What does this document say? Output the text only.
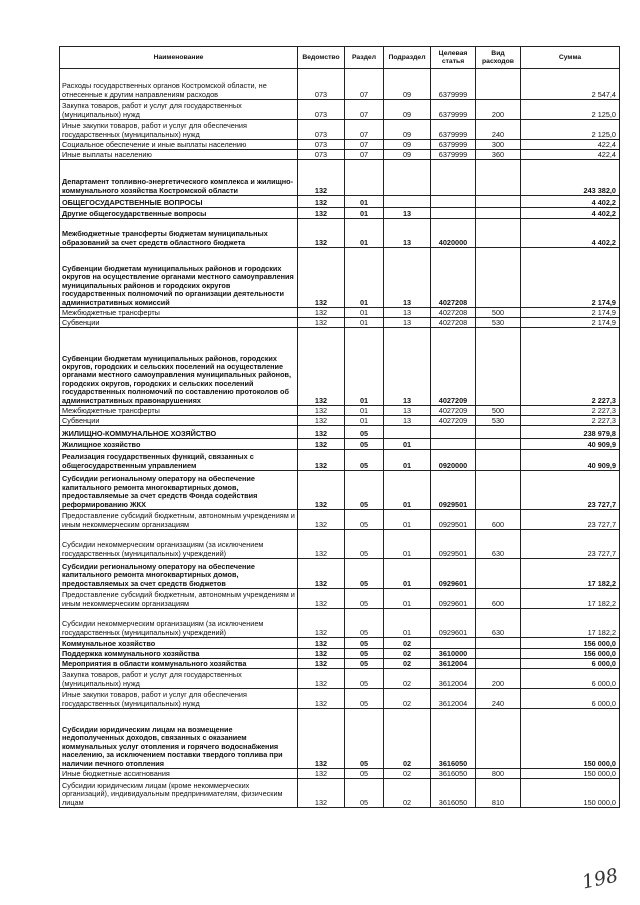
Наименование	Ведомство	Раздел	Подраздел	Целевая статья	Вид расходов	Сумма
Расходы государственных органов Костромской области, не отнесенные к другим направлениям расходов	073	07	09	6379999		2 547,4
Закупка товаров, работ и услуг для государственных (муниципальных) нужд	073	07	09	6379999	200	2 125,0
Иные закупки товаров, работ и услуг для обеспечения государственных (муниципальных) нужд	073	07	09	6379999	240	2 125,0
Социальное обеспечение и иные выплаты населению	073	07	09	6379999	300	422,4
Иные выплаты населению	073	07	09	6379999	360	422,4
Департамент топливно-энергетического комплекса и жилищно-коммунального хозяйства Костромской области	132					243 382,0
ОБЩЕГОСУДАРСТВЕННЫЕ ВОПРОСЫ	132	01				4 402,2
Другие общегосударственные вопросы	132	01	13			4 402,2
Межбюджетные трансферты бюджетам муниципальных образований за счет средств областного бюджета	132	01	13	4020000		4 402,2
Субвенции бюджетам муниципальных районов и городских округов на осуществление органами местного самоуправления муниципальных районов и городских округов государственных полномочий по организации деятельности административных комиссий	132	01	13	4027208		2 174,9
Межбюджетные трансферты	132	01	13	4027208	500	2 174,9
Субвенции	132	01	13	4027208	530	2 174,9
Субвенции бюджетам муниципальных районов, городских округов, городских и сельских поселений на осуществление органами местного самоуправления муниципальных районов, городских округов, городских и сельских поселений государственных полномочий по составлению протоколов об административных правонарушениях	132	01	13	4027209		2 227,3
Межбюджетные трансферты	132	01	13	4027209	500	2 227,3
Субвенции	132	01	13	4027209	530	2 227,3
ЖИЛИЩНО-КОММУНАЛЬНОЕ ХОЗЯЙСТВО	132	05				238 979,8
Жилищное хозяйство	132	05	01			40 909,9
Реализация государственных функций, связанных с общегосударственным управлением	132	05	01	0920000		40 909,9
Субсидии региональному оператору на обеспечение капитального ремонта многоквартирных домов, предоставляемые за счет средств Фонда содействия реформированию ЖКХ	132	05	01	0929501		23 727,7
Предоставление субсидий бюджетным, автономным учреждениям и иным некоммерческим организациям	132	05	01	0929501	600	23 727,7
Субсидии некоммерческим организациям (за исключением государственных (муниципальных) учреждений)	132	05	01	0929501	630	23 727,7
Субсидии региональному оператору на обеспечение капитального ремонта многоквартирных домов, предоставляемых за счет средств бюджетов	132	05	01	0929601		17 182,2
Предоставление субсидий бюджетным, автономным учреждениям и иным некоммерческим организациям	132	05	01	0929601	600	17 182,2
Субсидии некоммерческим организациям (за исключением государственных (муниципальных) учреждений)	132	05	01	0929601	630	17 182,2
Коммунальное хозяйство	132	05	02			156 000,0
Поддержка коммунального хозяйства	132	05	02	3610000		156 000,0
Мероприятия в области коммунального хозяйства	132	05	02	3612004		6 000,0
Закупка товаров, работ и услуг для государственных (муниципальных) нужд	132	05	02	3612004	200	6 000,0
Иные закупки товаров, работ и услуг для обеспечения государственных (муниципальных) нужд	132	05	02	3612004	240	6 000,0
Субсидии юридическим лицам на возмещение недополученных доходов, связанных с оказанием коммунальных услуг отопления и горячего водоснабжения населению, за исключением поставки твердого топлива при наличии печного отопления	132	05	02	3616050		150 000,0
Иные бюджетные ассигнования	132	05	02	3616050	800	150 000,0
Субсидии юридическим лицам (кроме некоммерческих организаций), индивидуальным предпринимателям, физическим лицам	132	05	02	3616050	810	150 000,0
198
